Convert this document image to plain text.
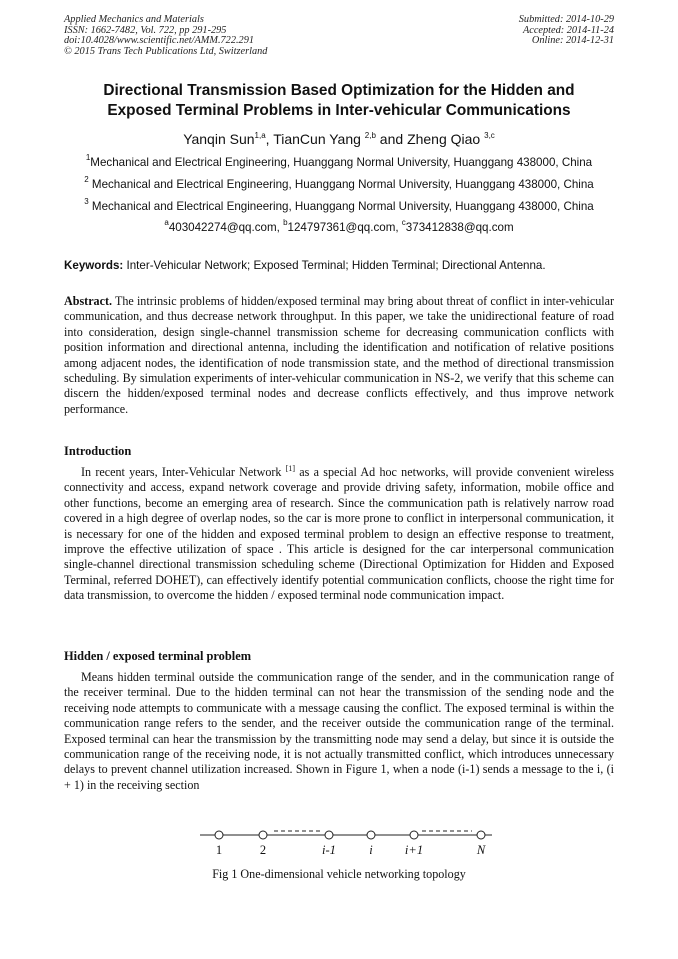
Applied Mechanics and Materials
ISSN: 1662-7482, Vol. 722, pp 291-295
doi:10.4028/www.scientific.net/AMM.722.291
© 2015 Trans Tech Publications Ltd, Switzerland
Submitted: 2014-10-29
Accepted: 2014-11-24
Online: 2014-12-31
Directional Transmission Based Optimization for the Hidden and
Exposed Terminal Problems in Inter-vehicular Communications
Yanqin Sun$^{1,a}$, TianCun Yang $^{2,b}$ and Zheng Qiao $^{3,c}$
$^1$Mechanical and Electrical Engineering, Huanggang Normal University, Huanggang 438000, China
$^2$ Mechanical and Electrical Engineering, Huanggang Normal University, Huanggang 438000, China
$^3$ Mechanical and Electrical Engineering, Huanggang Normal University, Huanggang 438000, China
$^a$403042274@qq.com, $^b$124797361@qq.com, $^c$373412838@qq.com
Keywords: Inter-Vehicular Network; Exposed Terminal; Hidden Terminal; Directional Antenna.
Abstract. The intrinsic problems of hidden/exposed terminal may bring about threat of conflict in inter-vehicular communication, and thus decrease network throughput. In this paper, we take the unidirectional feature of road into consideration, design single-channel transmission scheme for decreasing communication conflicts with position information and directional antenna, including the identification and notification of relative positions among adjacent nodes, the identification of node transmission state, and the method of directional transmission scheduling. By simulation experiments of inter-vehicular communication in NS-2, we verify that this scheme can discern the hidden/exposed terminal nodes and decrease conflicts effectively, and thus improve network performance.
Introduction
In recent years, Inter-Vehicular Network [1] as a special Ad hoc networks, will provide convenient wireless connectivity and access, expand network coverage and provide driving safety, information, mobile office and other functions, become an emerging area of research. Since the communication path is relatively narrow road covered in a high degree of overlap nodes, so the car is more prone to conflict in interpersonal communication, it is necessary for one of the hidden and exposed terminal problem to design an effective response to treatment, improve the effective utilization of space . This article is designed for the car interpersonal communication single-channel directional transmission scheduling scheme (Directional Optimization for Hidden and Exposed Terminal, referred DOHET), can effectively identify potential communication conflicts, choose the right time for data transmission, to overcome the hidden / exposed terminal node communication impact.
Hidden / exposed terminal problem
Means hidden terminal outside the communication range of the sender, and in the communication range of the receiver terminal. Due to the hidden terminal can not hear the transmission of the sending node and the receiving node attempts to communicate with a message causing the conflict. The exposed terminal is within the communication range refers to the sender, and the receiver outside the communication range of the terminal. Exposed terminal can hear the transmission by the transmitting node may send a delay, but since it is outside the communication range of the receiving node, it is not actually transmitted conflict, which introduces unnecessary delays to prevent channel utilization increased. Shown in Figure 1, when a node (i-1) sends a message to the i, (i + 1) in the receiving section
1	2	i-1	i	i+1	N
Fig 1 One-dimensional vehicle networking topology
